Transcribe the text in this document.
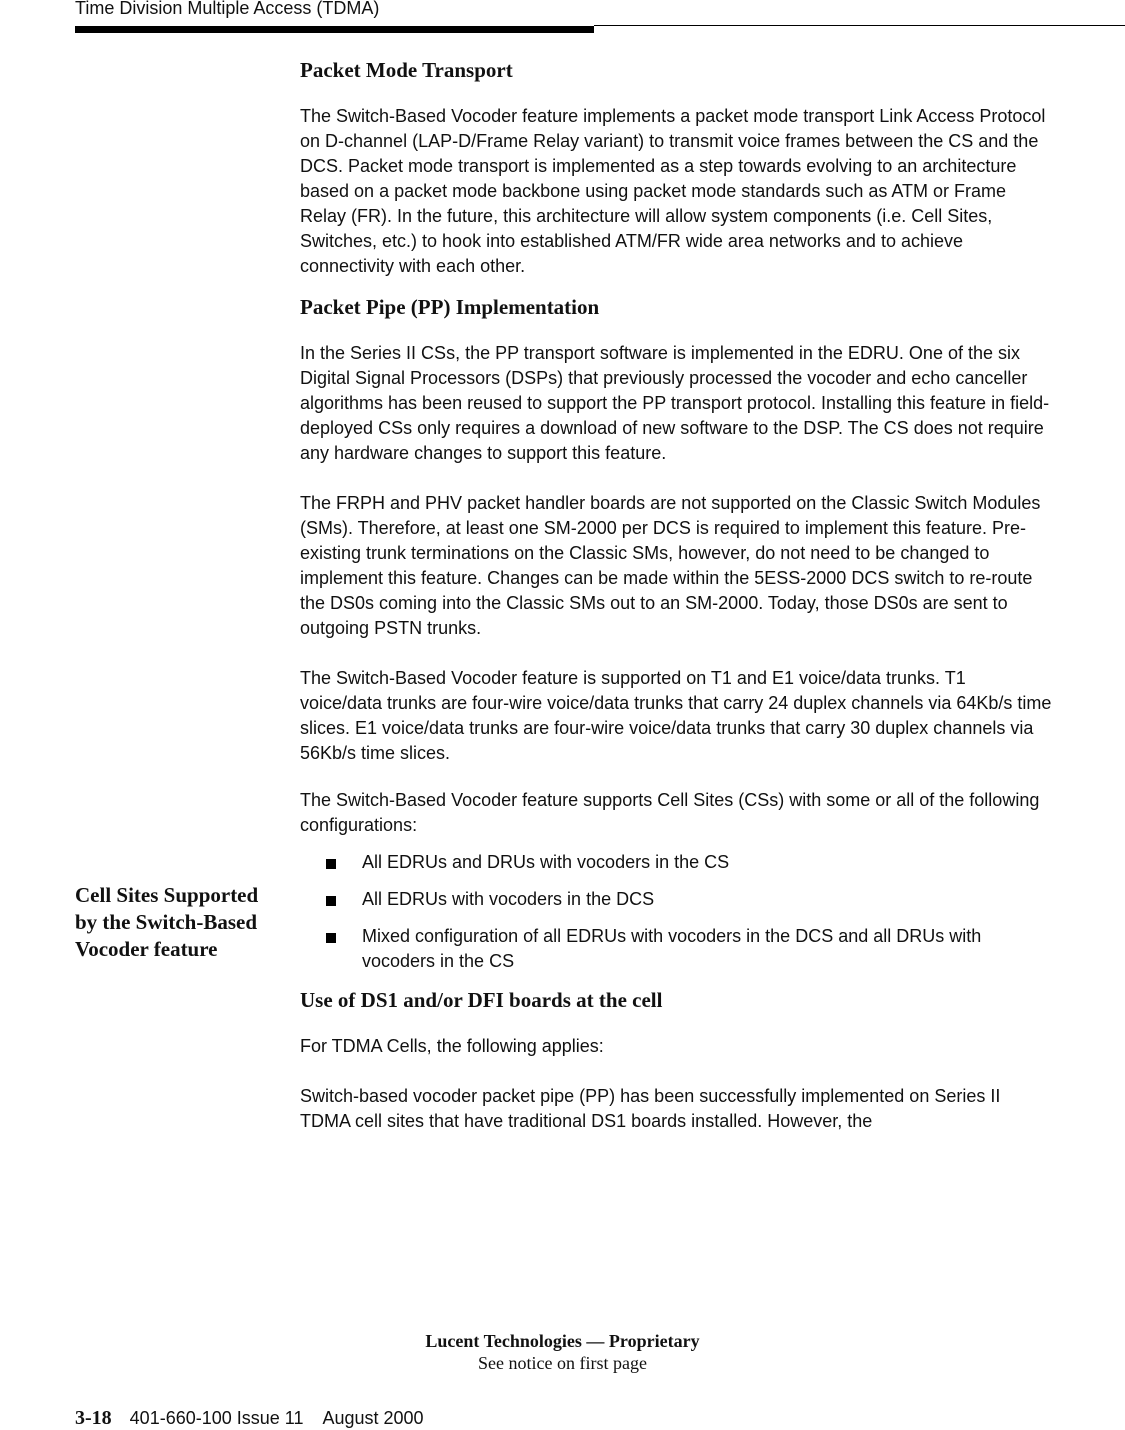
Time Division Multiple Access (TDMA)
Cell Sites Supported by the Switch-Based Vocoder feature
Packet Mode Transport

The Switch-Based Vocoder feature implements a packet mode transport Link Access Protocol on D-channel (LAP-D/Frame Relay variant) to transmit voice frames between the CS and the DCS. Packet mode transport is implemented as a step towards evolving to an architecture based on a packet mode backbone using packet mode standards such as ATM or Frame Relay (FR). In the future, this architecture will allow system components (i.e. Cell Sites, Switches, etc.) to hook into established ATM/FR wide area networks and to achieve connectivity with each other.

Packet Pipe (PP) Implementation

In the Series II CSs, the PP transport software is implemented in the EDRU. One of the six Digital Signal Processors (DSPs) that previously processed the vocoder and echo canceller algorithms has been reused to support the PP transport protocol. Installing this feature in field-deployed CSs only requires a download of new software to the DSP. The CS does not require any hardware changes to support this feature.

The FRPH and PHV packet handler boards are not supported on the Classic Switch Modules (SMs). Therefore, at least one SM-2000 per DCS is required to implement this feature. Pre-existing trunk terminations on the Classic SMs, however, do not need to be changed to implement this feature. Changes can be made within the 5ESS-2000 DCS switch to re-route the DS0s coming into the Classic SMs out to an SM-2000. Today, those DS0s are sent to outgoing PSTN trunks.

The Switch-Based Vocoder feature is supported on T1 and E1 voice/data trunks. T1 voice/data trunks are four-wire voice/data trunks that carry 24 duplex channels via 64Kb/s time slices. E1 voice/data trunks are four-wire voice/data trunks that carry 30 duplex channels via 56Kb/s time slices.

The Switch-Based Vocoder feature supports Cell Sites (CSs) with some or all of the following configurations:

All EDRUs and DRUs with vocoders in the CS
All EDRUs with vocoders in the DCS
Mixed configuration of all EDRUs with vocoders in the DCS and all DRUs with vocoders in the CS
Use of DS1 and/or DFI boards at the cell

For TDMA Cells, the following applies:

Switch-based vocoder packet pipe (PP) has been successfully implemented on Series II TDMA cell sites that have traditional DS1 boards installed. However, the

Lucent Technologies — Proprietary
See notice on first page
3-18 401-660-100 Issue 11    August 2000
